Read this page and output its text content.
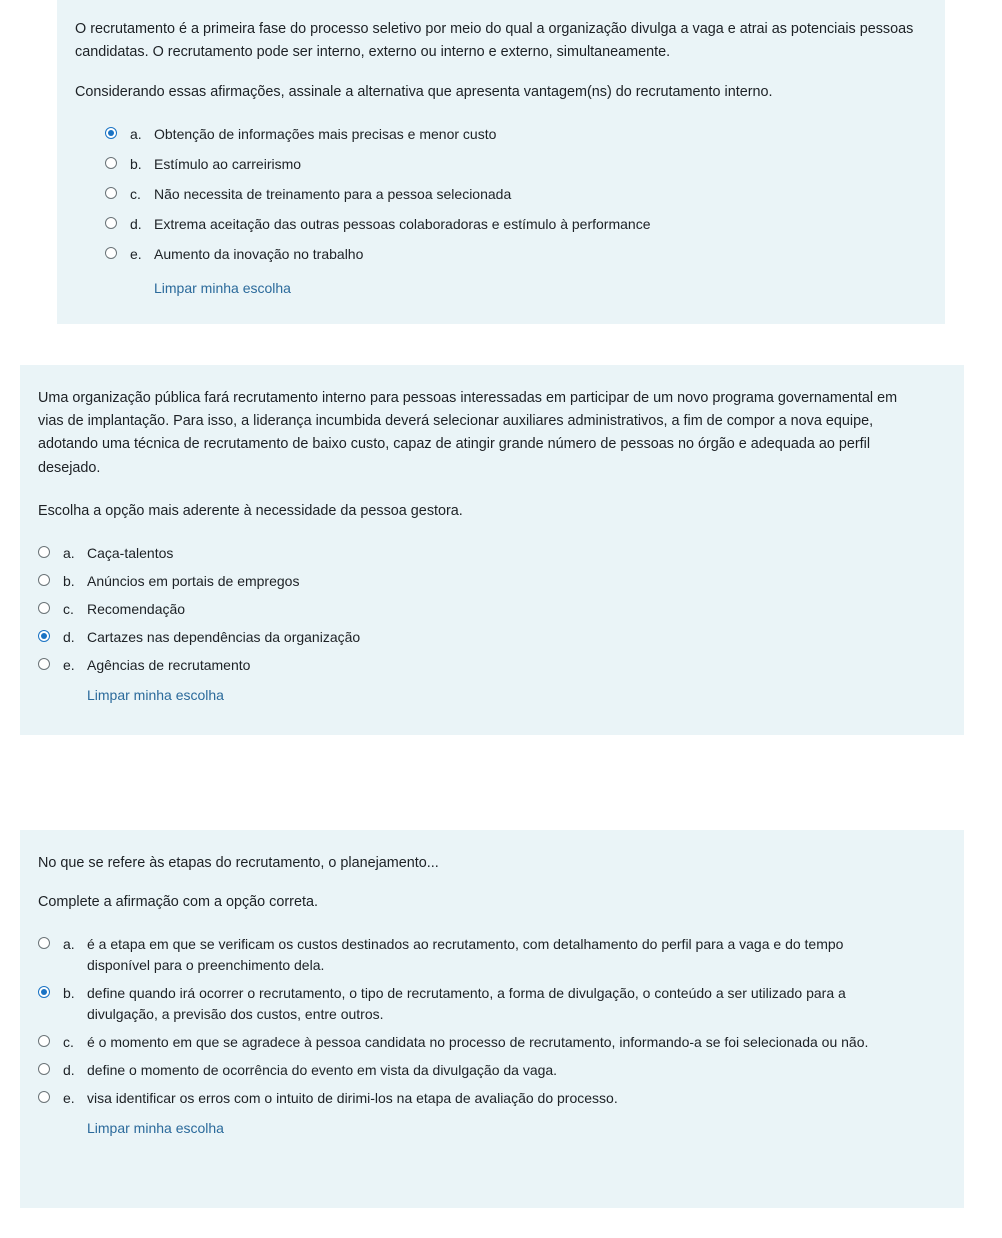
O recrutamento é a primeira fase do processo seletivo por meio do qual a organização divulga a vaga e atrai as potenciais pessoas candidatas. O recrutamento pode ser interno, externo ou interno e externo, simultaneamente.

Considerando essas afirmações, assinale a alternativa que apresenta vantagem(ns) do recrutamento interno.

a. Obtenção de informações mais precisas e menor custo
b. Estímulo ao carreirismo
c. Não necessita de treinamento para a pessoa selecionada
d. Extrema aceitação das outras pessoas colaboradoras e estímulo à performance
e. Aumento da inovação no trabalho
Limpar minha escolha

Uma organização pública fará recrutamento interno para pessoas interessadas em participar de um novo programa governamental em vias de implantação. Para isso, a liderança incumbida deverá selecionar auxiliares administrativos, a fim de compor a nova equipe, adotando uma técnica de recrutamento de baixo custo, capaz de atingir grande número de pessoas no órgão e adequada ao perfil desejado.

Escolha a opção mais aderente à necessidade da pessoa gestora.

a. Caça-talentos
b. Anúncios em portais de empregos
c. Recomendação
d. Cartazes nas dependências da organização
e. Agências de recrutamento
Limpar minha escolha

No que se refere às etapas do recrutamento, o planejamento...

Complete a afirmação com a opção correta.

a. é a etapa em que se verificam os custos destinados ao recrutamento, com detalhamento do perfil para a vaga e do tempo disponível para o preenchimento dela.
b. define quando irá ocorrer o recrutamento, o tipo de recrutamento, a forma de divulgação, o conteúdo a ser utilizado para a divulgação, a previsão dos custos, entre outros.
c. é o momento em que se agradece à pessoa candidata no processo de recrutamento, informando-a se foi selecionada ou não.
d. define o momento de ocorrência do evento em vista da divulgação da vaga.
e. visa identificar os erros com o intuito de dirimi-los na etapa de avaliação do processo.
Limpar minha escolha
